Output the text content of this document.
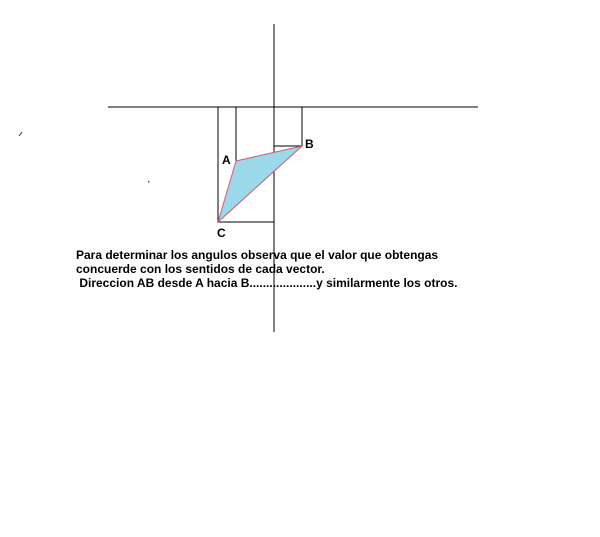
A
B
C
Para determinar los angulos observa que el valor que obtengas
concuerde con los sentidos de cada vector.
Direccion AB desde A hacia B....................y similarmente los otros.
